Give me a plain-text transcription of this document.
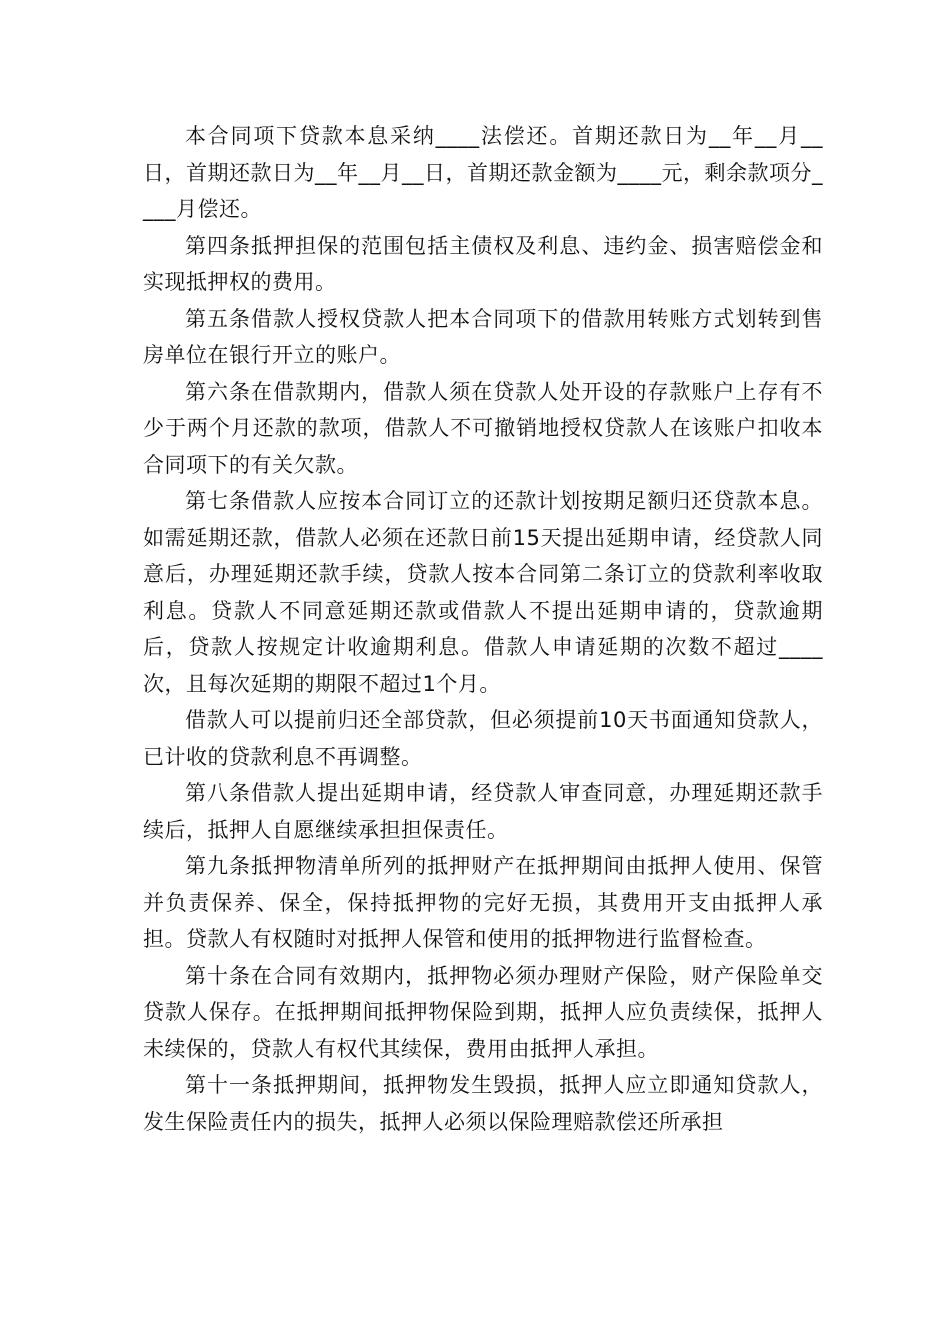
本合同项下贷款本息采纳____法偿还。首期还款日为__年__月__日，首期还款日为__年__月__日，首期还款金额为____元，剩余款项分____月偿还。

第四条抵押担保的范围包括主债权及利息、违约金、损害赔偿金和实现抵押权的费用。

第五条借款人授权贷款人把本合同项下的借款用转账方式划转到售房单位在银行开立的账户。

第六条在借款期内，借款人须在贷款人处开设的存款账户上存有不少于两个月还款的款项，借款人不可撤销地授权贷款人在该账户扣收本合同项下的有关欠款。

第七条借款人应按本合同订立的还款计划按期足额归还贷款本息。如需延期还款，借款人必须在还款日前15天提出延期申请，经贷款人同意后，办理延期还款手续，贷款人按本合同第二条订立的贷款利率收取利息。贷款人不同意延期还款或借款人不提出延期申请的，贷款逾期后，贷款人按规定计收逾期利息。借款人申请延期的次数不超过____次，且每次延期的期限不超过1个月。

借款人可以提前归还全部贷款，但必须提前10天书面通知贷款人，已计收的贷款利息不再调整。

第八条借款人提出延期申请，经贷款人审查同意，办理延期还款手续后，抵押人自愿继续承担担保责任。

第九条抵押物清单所列的抵押财产在抵押期间由抵押人使用、保管并负责保养、保全，保持抵押物的完好无损，其费用开支由抵押人承担。贷款人有权随时对抵押人保管和使用的抵押物进行监督检查。

第十条在合同有效期内，抵押物必须办理财产保险，财产保险单交贷款人保存。在抵押期间抵押物保险到期，抵押人应负责续保，抵押人未续保的，贷款人有权代其续保，费用由抵押人承担。

第十一条抵押期间，抵押物发生毁损，抵押人应立即通知贷款人，发生保险责任内的损失，抵押人必须以保险理赔款偿还所承担
